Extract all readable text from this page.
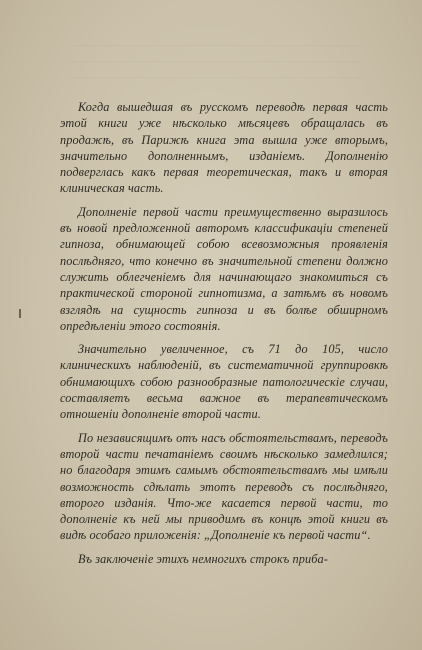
Когда вышедшая въ русскомъ переводѣ первая часть этой книги уже нѣсколько мѣсяцевъ обращалась въ продажѣ, въ Парижѣ книга эта вышла уже вторымъ, значительно дополненнымъ, изданіемъ. Дополненію подверглась какъ первая теоретическая, такъ и вторая клиническая часть.

Дополненіе первой части преимущественно выразилось въ новой предложенной авторомъ классификаціи степеней гипноза, обнимающей собою всевозможныя проявленія послѣдняго, что конечно въ значительной степени должно служить облегченіемъ для начинающаго знакомиться съ практической стороной гипнотизма, а затѣмъ въ новомъ взглядѣ на сущность гипноза и въ болѣе обширномъ опредѣленіи этого состоянія.

Значительно увеличенное, съ 71 до 105, число клиническихъ наблюденій, въ систематичной группировкѣ обнимающихъ собою разнообразные патологическіе случаи, составляетъ весьма важное въ терапевтическомъ отношеніи дополненіе второй части.

По независящимъ отъ насъ обстоятельствамъ, переводъ второй части печатаніемъ своимъ нѣсколько замедлился; но благодаря этимъ самымъ обстоятельствамъ мы имѣли возможность сдѣлать этотъ переводъ съ послѣдняго, второго изданія. Что-же касается первой части, то дополненіе къ ней мы приводимъ въ концѣ этой книги въ видѣ особаго приложенія: „Дополненіе къ первой части“.

Въ заключеніе этихъ немногихъ строкъ приба-
